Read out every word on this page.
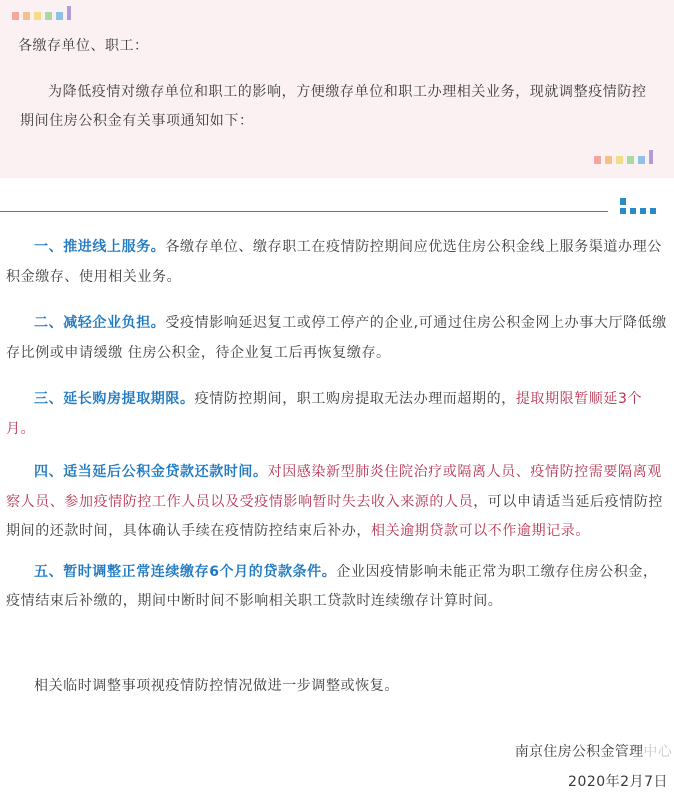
各缴存单位、职工：

为降低疫情对缴存单位和职工的影响，方便缴存单位和职工办理相关业务，现就调整疫情防控期间住房公积金有关事项通知如下：

一、推进线上服务。各缴存单位、缴存职工在疫情防控期间应优选住房公积金线上服务渠道办理公积金缴存、使用相关业务。

二、减轻企业负担。受疫情影响延迟复工或停工停产的企业,可通过住房公积金网上办事大厅降低缴存比例或申请缓缴 住房公积金，待企业复工后再恢复缴存。

三、延长购房提取期限。疫情防控期间，职工购房提取无法办理而超期的，提取期限暂顺延3个月。

四、适当延后公积金贷款还款时间。对因感染新型肺炎住院治疗或隔离人员、疫情防控需要隔离观察人员、参加疫情防控工作人员以及受疫情影响暂时失去收入来源的人员，可以申请适当延后疫情防控期间的还款时间，具体确认手续在疫情防控结束后补办，相关逾期贷款可以不作逾期记录。

五、暂时调整正常连续缴存6个月的贷款条件。企业因疫情影响未能正常为职工缴存住房公积金，疫情结束后补缴的，期间中断时间不影响相关职工贷款时连续缴存计算时间。

相关临时调整事项视疫情防控情况做进一步调整或恢复。

南京住房公积金管理中心

2020年2月7日
